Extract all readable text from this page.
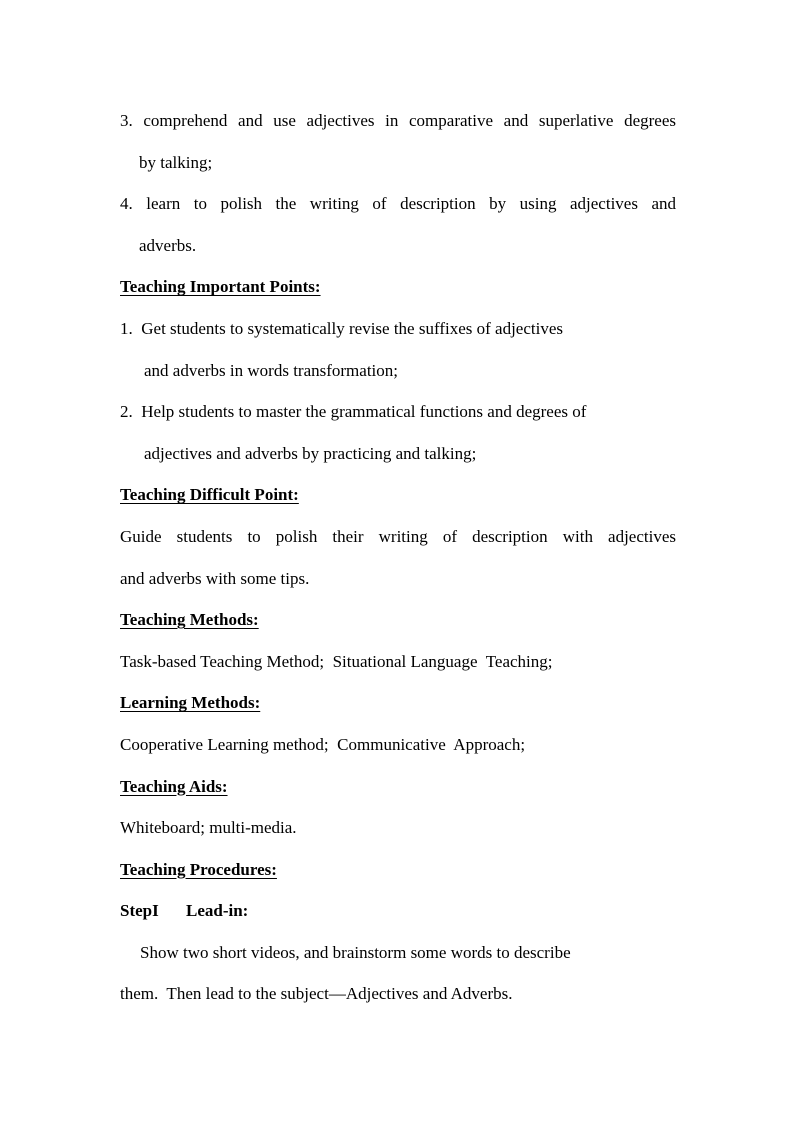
3. comprehend and use adjectives in comparative and superlative degrees
by talking;
4. learn to polish the writing of description by using adjectives and
adverbs.
Teaching Important Points:
1.  Get students to systematically revise the suffixes of adjectives
and adverbs in words transformation;
2.  Help students to master the grammatical functions and degrees of
adjectives and adverbs by practicing and talking;
Teaching Difficult Point:
Guide students to polish their writing of description with adjectives
and adverbs with some tips.
Teaching Methods:
Task-based Teaching Method;  Situational Language  Teaching;
Learning Methods:
Cooperative Learning method;  Communicative  Approach;
Teaching Aids:
Whiteboard; multi-media.
Teaching Procedures:
StepI Lead-in:
Show two short videos, and brainstorm some words to describe
them.  Then lead to the subject—Adjectives and Adverbs.
